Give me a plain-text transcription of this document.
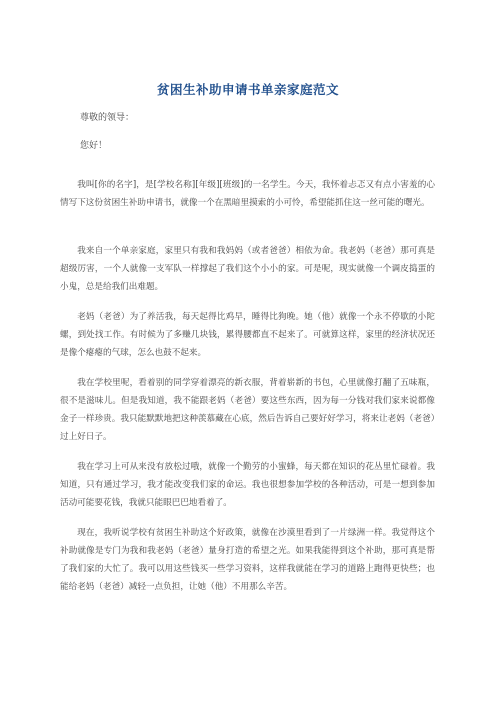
贫困生补助申请书单亲家庭范文
尊敬的领导：
您好！

我叫[你的名字]，是[学校名称][年级][班级]的一名学生。今天，我怀着忐忑又有点小害羞的心情写下这份贫困生补助申请书，就像一个在黑暗里摸索的小可怜，希望能抓住这一丝可能的曙光。

我来自一个单亲家庭，家里只有我和我妈妈（或者爸爸）相依为命。我老妈（老爸）那可真是超级厉害，一个人就像一支军队一样撑起了我们这个小小的家。可是呢，现实就像一个调皮捣蛋的小鬼，总是给我们出难题。

老妈（老爸）为了养活我，每天起得比鸡早，睡得比狗晚。她（他）就像一个永不停歇的小陀螺，到处找工作。有时候为了多赚几块钱，累得腰都直不起来了。可就算这样，家里的经济状况还是像个瘪瘪的气球，怎么也鼓不起来。

我在学校里呢，看着别的同学穿着漂亮的新衣服，背着崭新的书包，心里就像打翻了五味瓶，很不是滋味儿。但是我知道，我不能跟老妈（老爸）要这些东西，因为每一分钱对我们家来说都像金子一样珍贵。我只能默默地把这种羡慕藏在心底，然后告诉自己要好好学习，将来让老妈（老爸）过上好日子。

我在学习上可从来没有放松过哦，就像一个勤劳的小蜜蜂，每天都在知识的花丛里忙碌着。我知道，只有通过学习，我才能改变我们家的命运。我也很想参加学校的各种活动，可是一想到参加活动可能要花钱，我就只能眼巴巴地看着了。

现在，我听说学校有贫困生补助这个好政策，就像在沙漠里看到了一片绿洲一样。我觉得这个补助就像是专门为我和我老妈（老爸）量身打造的希望之光。如果我能得到这个补助，那可真是帮了我们家的大忙了。我可以用这些钱买一些学习资料，这样我就能在学习的道路上跑得更快些；也能给老妈（老爸）减轻一点负担，让她（他）不用那么辛苦。
